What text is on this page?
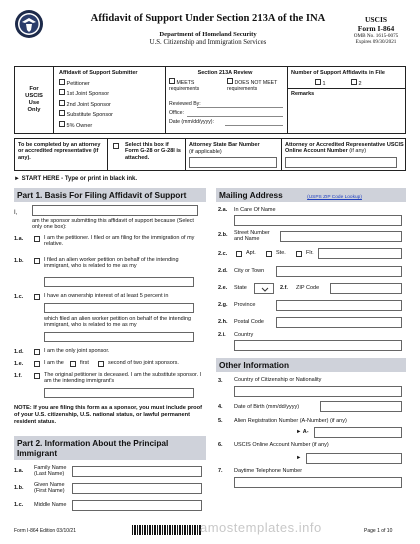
Affidavit of Support Under Section 213A of the INA
Department of Homeland Security
U.S. Citizenship and Immigration Services
USCIS
Form I-864
OMB No. 1615-0075
Expires 09/30/2021
For
USCIS
Use
Only
Affidavit of Support Submitter
Petitioner
1st Joint Sponsor
2nd Joint Sponsor
Substitute Sponsor
5% Owner
Section 213A Review
MEETS requirements
DOES NOT MEET requirements
Reviewed By:
Office:
Date (mm/dd/yyyy):
Number of Support Affidavits in File
1	2
Remarks
To be completed by an attorney or accredited representative (if any).
Select this box if Form G-28 or G-28I is attached.
Attorney State Bar Number
(if applicable)
Attorney or Accredited Representative USCIS Online Account Number (if any)
► START HERE - Type or print in black ink.
Part 1. Basis For Filing Affidavit of Support
I,
am the sponsor submitting this affidavit of support because (Select only one box):
1.a.	I am the petitioner. I filed or am filing for the immigration of my relative.
1.b.	I filed an alien worker petition on behalf of the intending immigrant, who is related to me as my
1.c.	I have an ownership interest of at least 5 percent in
which filed an alien worker petition on behalf of the intending immigrant, who is related to me as my
1.d.	I am the only joint sponsor.
1.e.	I am the	first	second of two joint sponsors.
1.f.	The original petitioner is deceased. I am the substitute sponsor. I am the intending immigrant's
NOTE: If you are filing this form as a sponsor, you must include proof of your U.S. citizenship, U.S. national status, or lawful permanent resident status.
Part 2. Information About the Principal Immigrant
1.a. Family Name (Last Name)
1.b. Given Name (First Name)
1.c. Middle Name
Mailing Address	(USPS ZIP Code Lookup)
2.a. In Care Of Name
2.b. Street Number and Name
2.c.	Apt.	Ste.	Flr.
2.d. City or Town
2.e. State	2.f. ZIP Code
2.g. Province
2.h. Postal Code
2.i. Country
Other Information
3. Country of Citizenship or Nationality
4. Date of Birth (mm/dd/yyyy)
5. Alien Registration Number (A-Number) (if any)
► A-
6. USCIS Online Account Number (if any)
►
7. Daytime Telephone Number
Form I-864 Edition 03/10/21	amostemplates.info	Page 1 of 10
